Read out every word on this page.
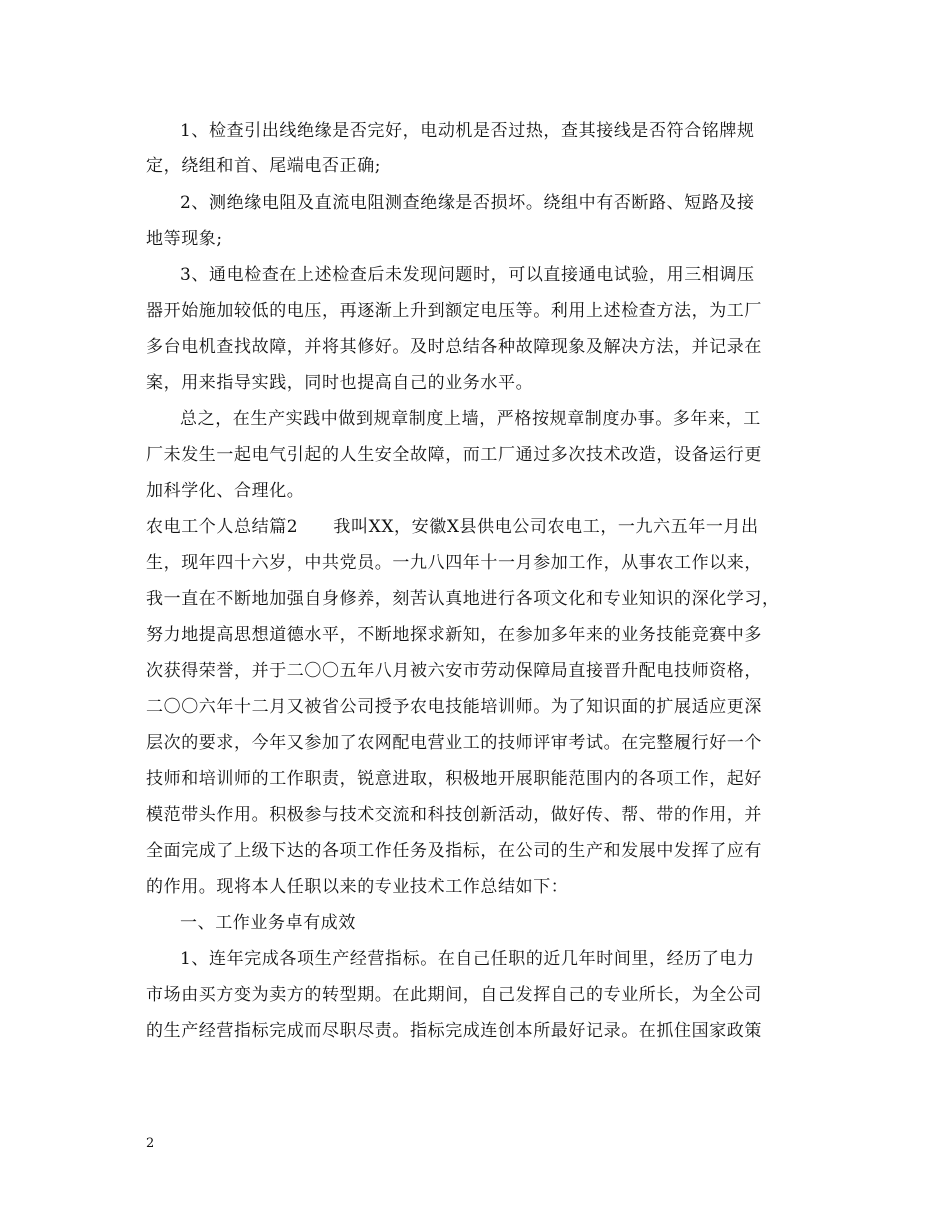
1、检查引出线绝缘是否完好，电动机是否过热，查其接线是否符合铭牌规
定，绕组和首、尾端电否正确;
2、测绝缘电阻及直流电阻测查绝缘是否损坏。绕组中有否断路、短路及接
地等现象;
3、通电检查在上述检查后未发现问题时，可以直接通电试验，用三相调压
器开始施加较低的电压，再逐渐上升到额定电压等。利用上述检查方法，为工厂
多台电机查找故障，并将其修好。及时总结各种故障现象及解决方法，并记录在
案，用来指导实践，同时也提高自己的业务水平。
总之，在生产实践中做到规章制度上墙，严格按规章制度办事。多年来，工
厂未发生一起电气引起的人生安全故障，而工厂通过多次技术改造，设备运行更
加科学化、合理化。
农电工个人总结篇2　　我叫XX，安徽X县供电公司农电工，一九六五年一月出
生，现年四十六岁，中共党员。一九八四年十一月参加工作，从事农工作以来，
我一直在不断地加强自身修养，刻苦认真地进行各项文化和专业知识的深化学习，
努力地提高思想道德水平，不断地探求新知，在参加多年来的业务技能竞赛中多
次获得荣誉，并于二〇〇五年八月被六安市劳动保障局直接晋升配电技师资格，
二〇〇六年十二月又被省公司授予农电技能培训师。为了知识面的扩展适应更深
层次的要求，今年又参加了农网配电营业工的技师评审考试。在完整履行好一个
技师和培训师的工作职责，锐意进取，积极地开展职能范围内的各项工作，起好
模范带头作用。积极参与技术交流和科技创新活动，做好传、帮、带的作用，并
全面完成了上级下达的各项工作任务及指标，在公司的生产和发展中发挥了应有
的作用。现将本人任职以来的专业技术工作总结如下：
一、工作业务卓有成效
1、连年完成各项生产经营指标。在自己任职的近几年时间里，经历了电力
市场由买方变为卖方的转型期。在此期间，自己发挥自己的专业所长，为全公司
的生产经营指标完成而尽职尽责。指标完成连创本所最好记录。在抓住国家政策
2
